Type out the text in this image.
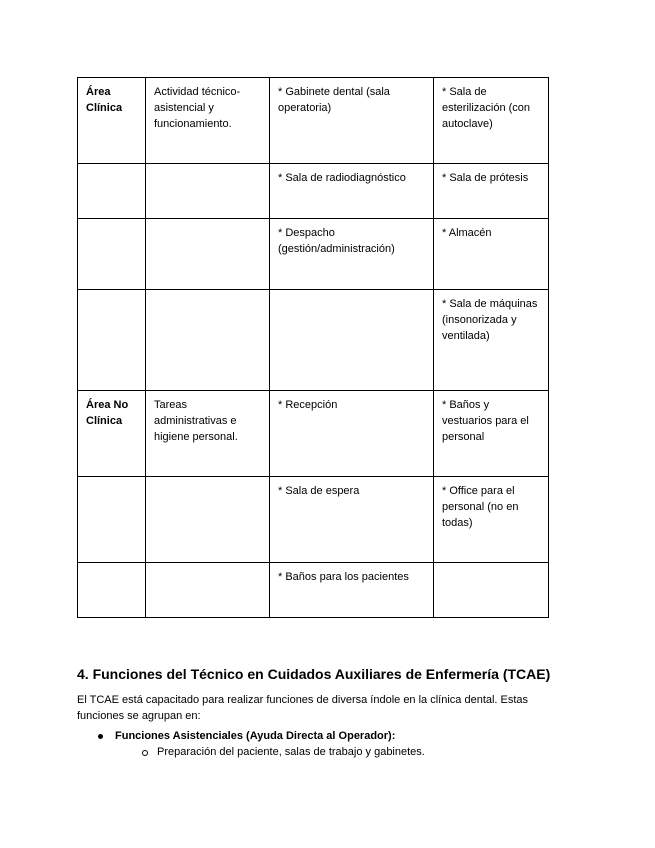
Área Clínica	Actividad técnico-asistencial y funcionamiento.	* Gabinete dental (sala operatoria)	* Sala de esterilización (con autoclave)
		* Sala de radiodiagnóstico	* Sala de prótesis
		* Despacho (gestión/administración)	* Almacén
			* Sala de máquinas (insonorizada y ventilada)
Área No Clínica	Tareas administrativas e higiene personal.	* Recepción	* Baños y vestuarios para el personal
		* Sala de espera	* Office para el personal (no en todas)
		* Baños para los pacientes	
4. Funciones del Técnico en Cuidados Auxiliares de Enfermería (TCAE)

El TCAE está capacitado para realizar funciones de diversa índole en la clínica dental. Estas funciones se agrupan en:

Funciones Asistenciales (Ayuda Directa al Operador):
Preparación del paciente, salas de trabajo y gabinetes.
